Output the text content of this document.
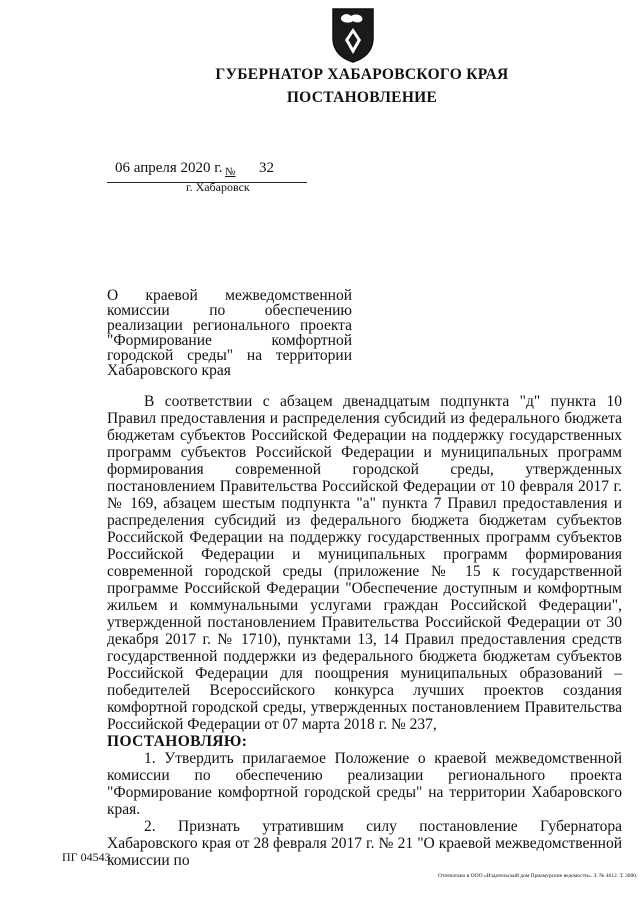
ГУБЕРНАТОР ХАБАРОВСКОГО КРАЯ
ПОСТАНОВЛЕНИЕ
06 апреля 2020 г. № 32
г. Хабаровск
О краевой межведомственной комиссии по обеспечению реализации регионального проекта "Формирование комфортной городской среды" на территории Хабаровского края

В соответствии с абзацем двенадцатым подпункта "д" пункта 10 Правил предоставления и распределения субсидий из федерального бюджета бюджетам субъектов Российской Федерации на поддержку государственных программ субъектов Российской Федерации и муниципальных программ формирования современной городской среды, утвержденных постановлением Правительства Российской Федерации от 10 февраля 2017 г. № 169, абзацем шестым подпункта "а" пункта 7 Правил предоставления и распределения субсидий из федерального бюджета бюджетам субъектов Российской Федерации на поддержку государственных программ субъектов Российской Федерации и муниципальных программ формирования современной городской среды (приложение № 15 к государственной программе Российской Федерации "Обеспечение доступным и комфортным жильем и коммунальными услугами граждан Российской Федерации", утвержденной постановлением Правительства Российской Федерации от 30 декабря 2017 г. № 1710), пунктами 13, 14 Правил предоставления средств государственной поддержки из федерального бюджета бюджетам субъектов Российской Федерации для поощрения муниципальных образований – победителей Всероссийского конкурса лучших проектов создания комфортной городской среды, утвержденных постановлением Правительства Российской Федерации от 07 марта 2018 г. № 237,

ПОСТАНОВЛЯЮ:

1. Утвердить прилагаемое Положение о краевой межведомственной комиссии по обеспечению реализации регионального проекта "Формирование комфортной городской среды" на территории Хабаровского края.

2. Признать утратившим силу постановление Губернатора Хабаровского края от 28 февраля 2017 г. № 21 "О краевой межведомственной комиссии по

ПГ 04543
Отпечатано в ООО «Издательский дом Приамурские ведомости». З. № 4612. Т. 3000.
